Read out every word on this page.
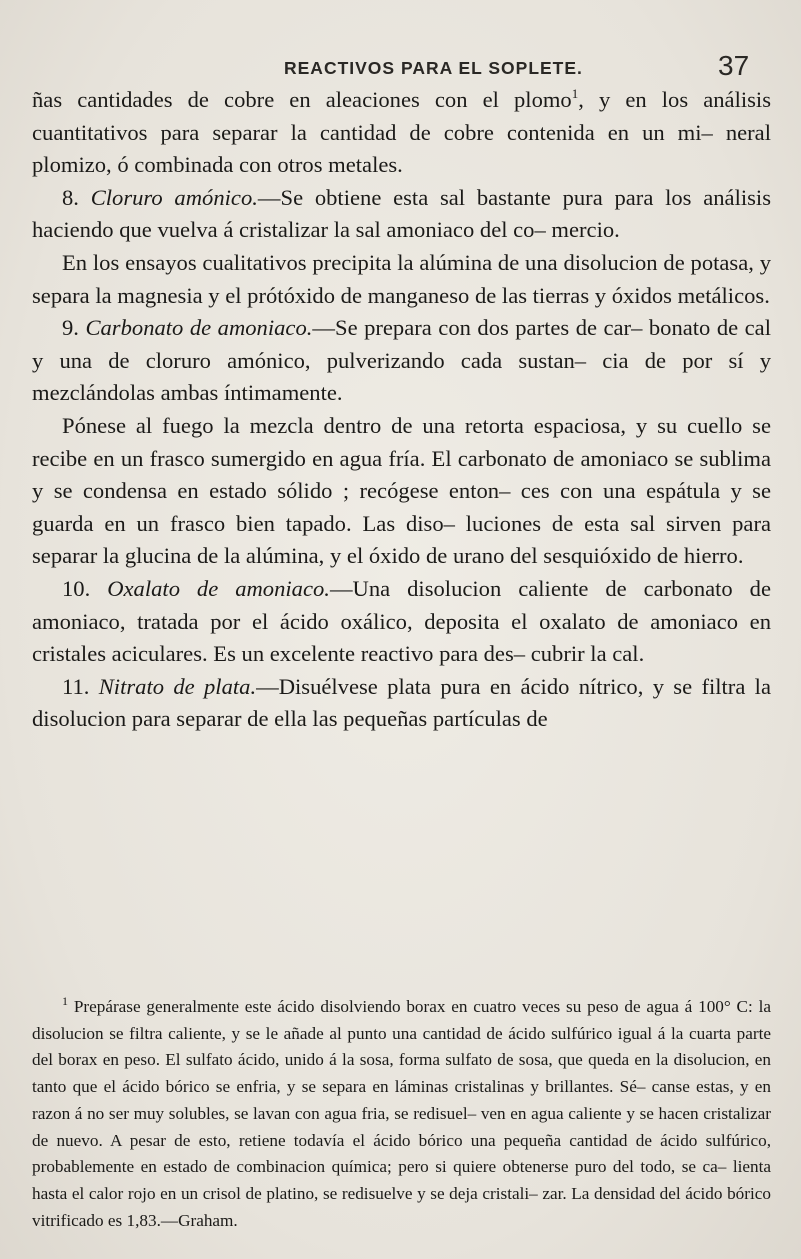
REACTIVOS PARA EL SOPLETE.	37

ñas cantidades de cobre en aleaciones con el plomo$^1$, y en los análisis cuantitativos para separar la cantidad de cobre contenida en un mi– neral plomizo, ó combinada con otros metales.

8. Cloruro amónico.—Se obtiene esta sal bastante pura para los análisis haciendo que vuelva á cristalizar la sal amoniaco del co– mercio.

En los ensayos cualitativos precipita la alúmina de una disolucion de potasa, y separa la magnesia y el prótóxido de manganeso de las tierras y óxidos metálicos.

9. Carbonato de amoniaco.—Se prepara con dos partes de car– bonato de cal y una de cloruro amónico, pulverizando cada sustan– cia de por sí y mezclándolas ambas íntimamente.

Pónese al fuego la mezcla dentro de una retorta espaciosa, y su cuello se recibe en un frasco sumergido en agua fría. El carbonato de amoniaco se sublima y se condensa en estado sólido ; recógese enton– ces con una espátula y se guarda en un frasco bien tapado. Las diso– luciones de esta sal sirven para separar la glucina de la alúmina, y el óxido de urano del sesquióxido de hierro.

10. Oxalato de amoniaco.—Una disolucion caliente de carbonato de amoniaco, tratada por el ácido oxálico, deposita el oxalato de amoniaco en cristales aciculares. Es un excelente reactivo para des– cubrir la cal.

11. Nitrato de plata.—Disuélvese plata pura en ácido nítrico, y se filtra la disolucion para separar de ella las pequeñas partículas de

$^1$ Prepárase generalmente este ácido disolviendo borax en cuatro veces su peso de agua á 100° C: la disolucion se filtra caliente, y se le añade al punto una cantidad de ácido sulfúrico igual á la cuarta parte del borax en peso. El sulfato ácido, unido á la sosa, forma sulfato de sosa, que queda en la disolucion, en tanto que el ácido bórico se enfria, y se separa en láminas cristalinas y brillantes. Sé– canse estas, y en razon á no ser muy solubles, se lavan con agua fria, se redisuel– ven en agua caliente y se hacen cristalizar de nuevo. A pesar de esto, retiene todavía el ácido bórico una pequeña cantidad de ácido sulfúrico, probablemente en estado de combinacion química; pero si quiere obtenerse puro del todo, se ca– lienta hasta el calor rojo en un crisol de platino, se redisuelve y se deja cristali– zar. La densidad del ácido bórico vitrificado es 1,83.—Graham.
